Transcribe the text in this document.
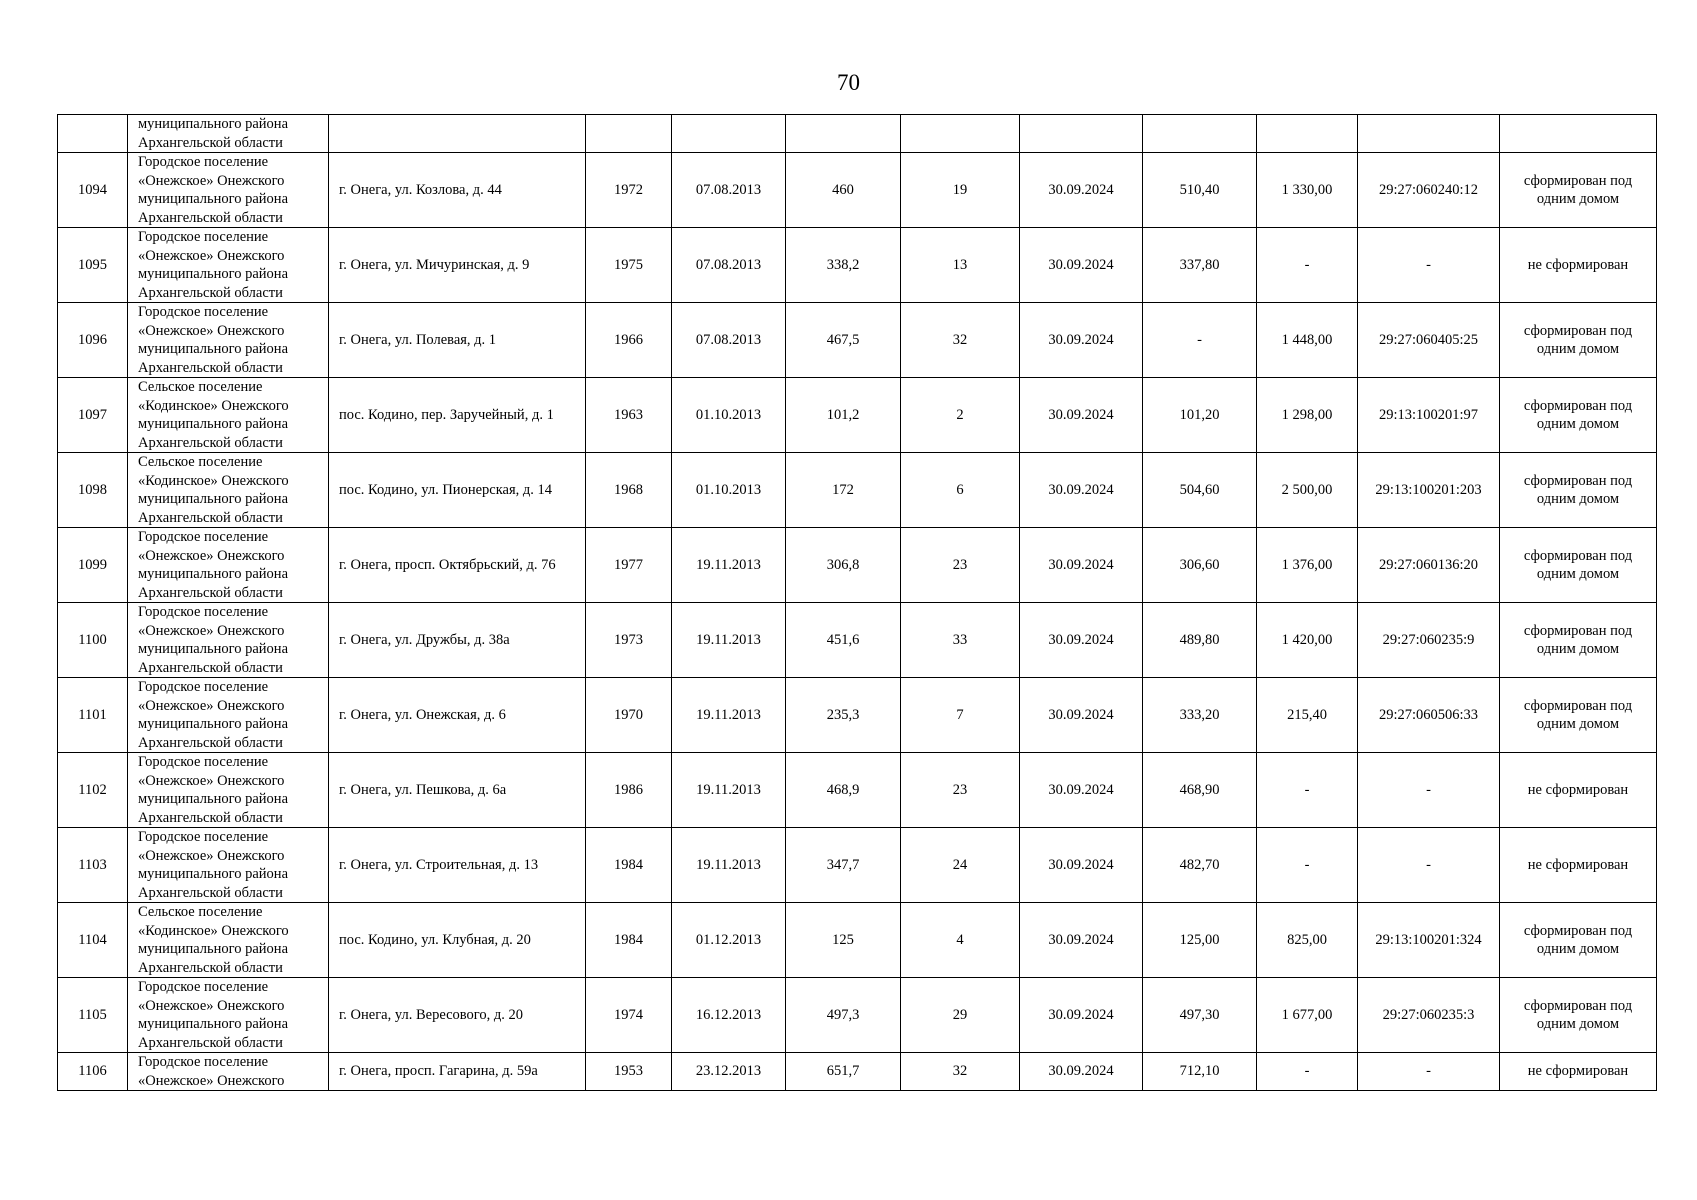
70

	муниципального района
Архангельской области										

1094	Городское поселение
«Онежское» Онежского
муниципального района
Архангельской области	г. Онега, ул. Козлова, д. 44	1972	07.08.2013	460	19	30.09.2024	510,40	1 330,00	29:27:060240:12	сформирован под одним домом
1095	Городское поселение
«Онежское» Онежского
муниципального района
Архангельской области	г. Онега, ул. Мичуринская, д. 9	1975	07.08.2013	338,2	13	30.09.2024	337,80	-	-	не сформирован
1096	Городское поселение
«Онежское» Онежского
муниципального района
Архангельской области	г. Онега, ул. Полевая, д. 1	1966	07.08.2013	467,5	32	30.09.2024	-	1 448,00	29:27:060405:25	сформирован под одним домом
1097	Сельское поселение
«Кодинское» Онежского
муниципального района
Архангельской области	пос. Кодино, пер. Заручейный, д. 1	1963	01.10.2013	101,2	2	30.09.2024	101,20	1 298,00	29:13:100201:97	сформирован под одним домом
1098	Сельское поселение
«Кодинское» Онежского
муниципального района
Архангельской области	пос. Кодино, ул. Пионерская, д. 14	1968	01.10.2013	172	6	30.09.2024	504,60	2 500,00	29:13:100201:203	сформирован под одним домом
1099	Городское поселение
«Онежское» Онежского
муниципального района
Архангельской области	г. Онега, просп. Октябрьский, д. 76	1977	19.11.2013	306,8	23	30.09.2024	306,60	1 376,00	29:27:060136:20	сформирован под одним домом
1100	Городское поселение
«Онежское» Онежского
муниципального района
Архангельской области	г. Онега, ул. Дружбы, д. 38а	1973	19.11.2013	451,6	33	30.09.2024	489,80	1 420,00	29:27:060235:9	сформирован под одним домом
1101	Городское поселение
«Онежское» Онежского
муниципального района
Архангельской области	г. Онега, ул. Онежская, д. 6	1970	19.11.2013	235,3	7	30.09.2024	333,20	215,40	29:27:060506:33	сформирован под одним домом
1102	Городское поселение
«Онежское» Онежского
муниципального района
Архангельской области	г. Онега, ул. Пешкова, д. 6а	1986	19.11.2013	468,9	23	30.09.2024	468,90	-	-	не сформирован
1103	Городское поселение
«Онежское» Онежского
муниципального района
Архангельской области	г. Онега, ул. Строительная, д. 13	1984	19.11.2013	347,7	24	30.09.2024	482,70	-	-	не сформирован
1104	Сельское поселение
«Кодинское» Онежского
муниципального района
Архангельской области	пос. Кодино, ул. Клубная, д. 20	1984	01.12.2013	125	4	30.09.2024	125,00	825,00	29:13:100201:324	сформирован под одним домом
1105	Городское поселение
«Онежское» Онежского
муниципального района
Архангельской области	г. Онега, ул. Вересового, д. 20	1974	16.12.2013	497,3	29	30.09.2024	497,30	1 677,00	29:27:060235:3	сформирован под одним домом
1106	Городское поселение
«Онежское» Онежского	г. Онега, просп. Гагарина, д. 59а	1953	23.12.2013	651,7	32	30.09.2024	712,10	-	-	не сформирован
